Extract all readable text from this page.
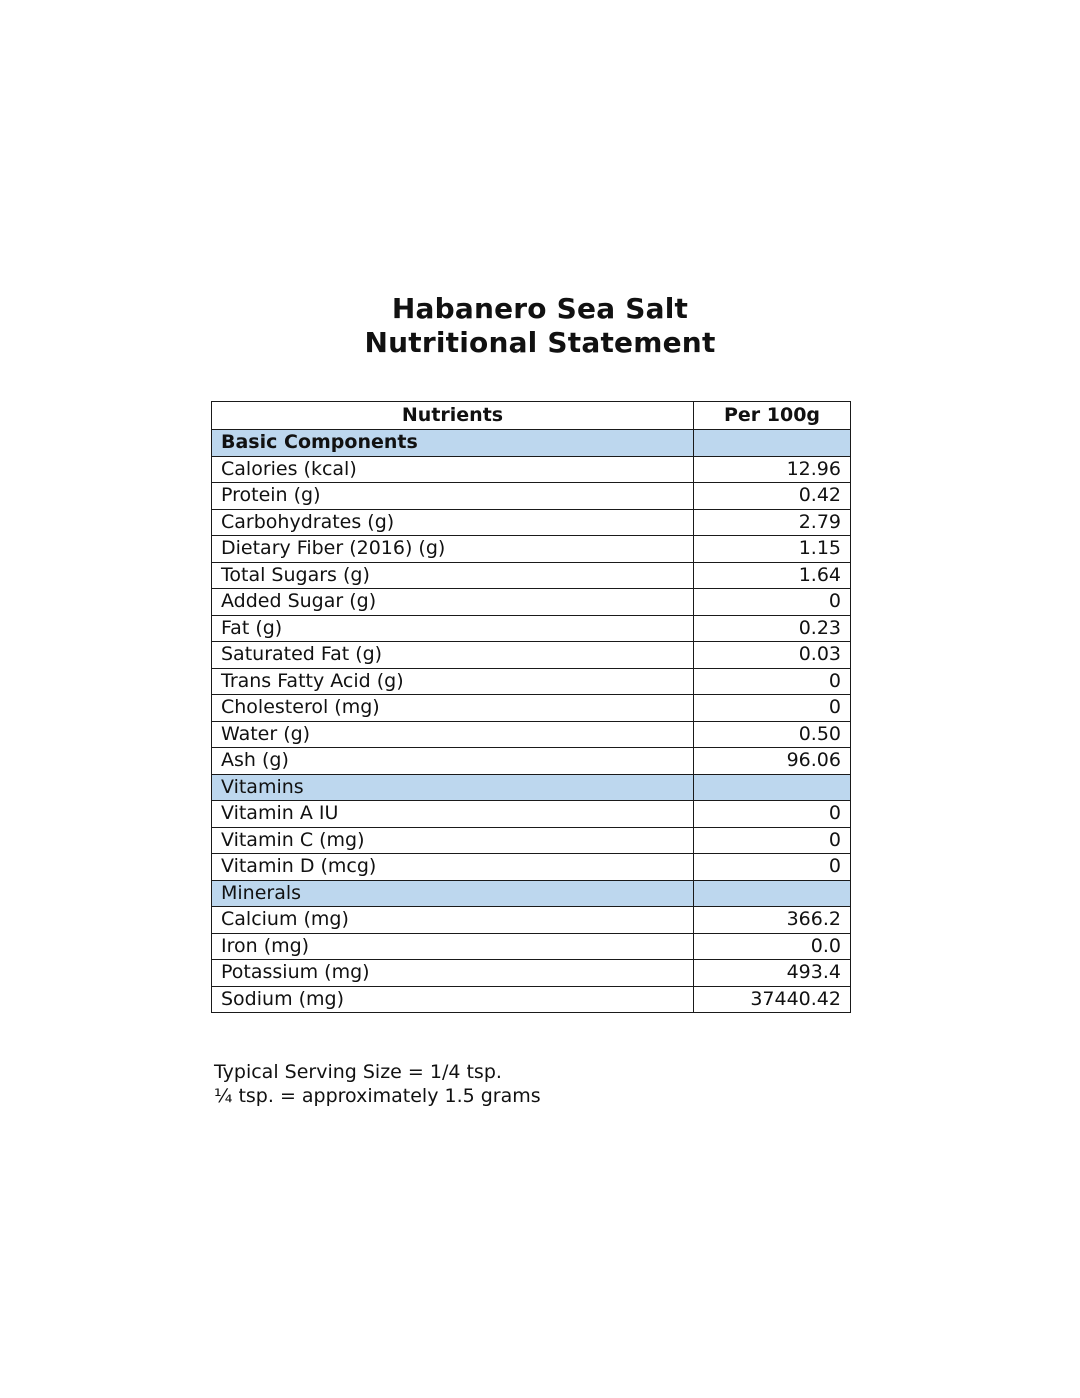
Habanero Sea Salt
Nutritional Statement
Nutrients	Per 100g
Basic Components	
Calories (kcal)	12.96
Protein (g)	0.42
Carbohydrates (g)	2.79
Dietary Fiber (2016) (g)	1.15
Total Sugars (g)	1.64
Added Sugar (g)	0
Fat (g)	0.23
Saturated Fat (g)	0.03
Trans Fatty Acid (g)	0
Cholesterol (mg)	0
Water (g)	0.50
Ash (g)	96.06
Vitamins	
Vitamin A IU	0
Vitamin C (mg)	0
Vitamin D (mcg)	0
Minerals	
Calcium (mg)	366.2
Iron (mg)	0.0
Potassium (mg)	493.4
Sodium (mg)	37440.42
Typical Serving Size = 1/4 tsp.
¼ tsp. = approximately 1.5 grams
